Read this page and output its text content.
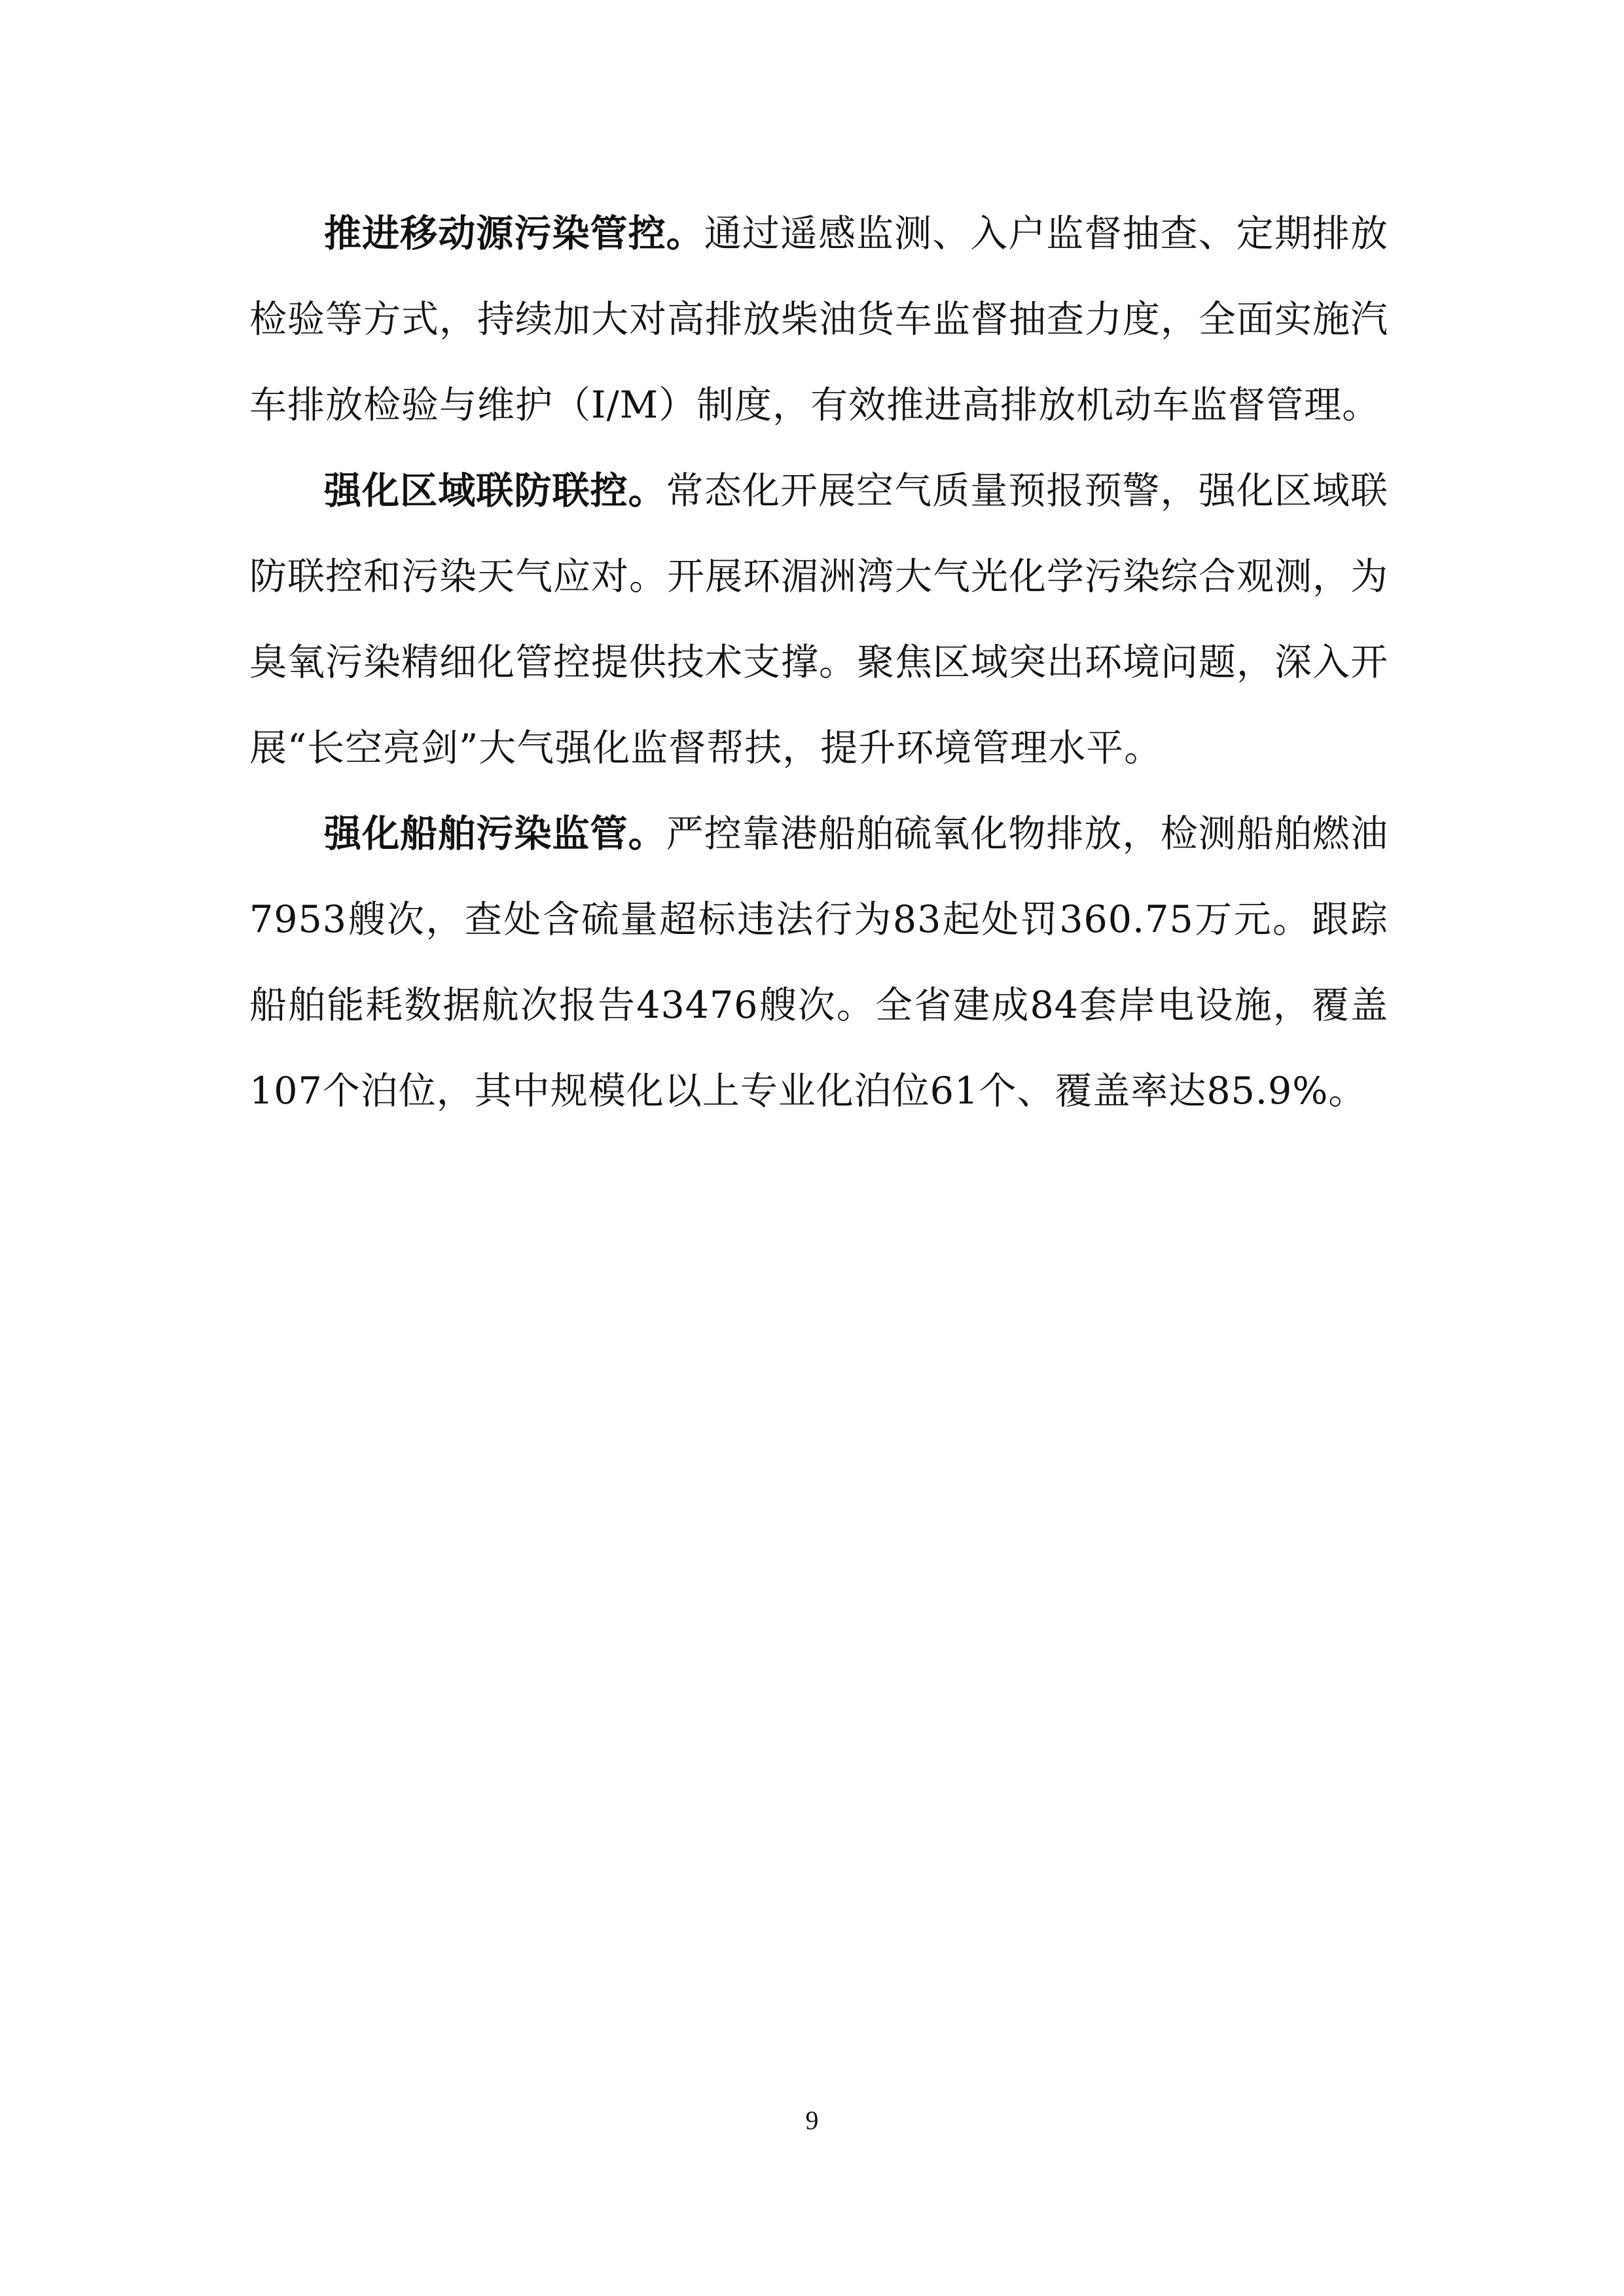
推进移动源污染管控。通过遥感监测、入户监督抽查、定期排放检验等方式，持续加大对高排放柴油货车监督抽查力度，全面实施汽车排放检验与维护（I/M）制度，有效推进高排放机动车监督管理。

强化区域联防联控。常态化开展空气质量预报预警，强化区域联防联控和污染天气应对。开展环湄洲湾大气光化学污染综合观测，为臭氧污染精细化管控提供技术支撑。聚焦区域突出环境问题，深入开展“长空亮剑”大气强化监督帮扶，提升环境管理水平。

强化船舶污染监管。严控靠港船舶硫氧化物排放，检测船舶燃油7953艘次，查处含硫量超标违法行为83起处罚360.75万元。跟踪船舶能耗数据航次报告43476艘次。全省建成84套岸电设施，覆盖107个泊位，其中规模化以上专业化泊位61个、覆盖率达85.9%。

9
